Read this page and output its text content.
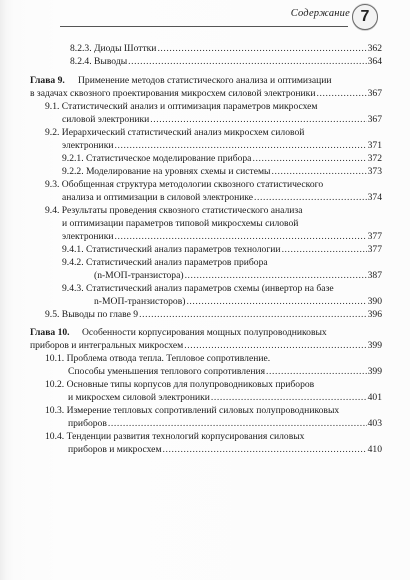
Содержание 7
8.2.3. Диоды Шоттки .....	362
8.2.4. Выводы .....	364
Глава 9. Применение методов статистического анализа и оптимизации
в задачах сквозного проектирования микросхем силовой электроники .....	367
9.1. Статистический анализ и оптимизация параметров микросхем
силовой электроники .....	367
9.2. Иерархический статистический анализ микросхем силовой
электроники .....	371
9.2.1. Статистическое моделирование прибора .....	372
9.2.2. Моделирование на уровнях схемы и системы .....	373
9.3. Обобщенная структура методологии сквозного статистического
анализа и оптимизации в силовой электронике .....	374
9.4. Результаты проведения сквозного статистического анализа
и оптимизации параметров типовой микросхемы силовой
электроники .....	377
9.4.1. Статистический анализ параметров технологии .....	377
9.4.2. Статистический анализ параметров прибора
(n-МОП-транзистора) .....	387
9.4.3. Статистический анализ параметров схемы (инвертор на базе
n-МОП-транзисторов) .....	390
9.5. Выводы по главе 9 .....	396
Глава 10. Особенности корпусирования мощных полупроводниковых
приборов и интегральных микросхем .....	399
10.1. Проблема отвода тепла. Тепловое сопротивление.
Способы уменьшения теплового сопротивления .....	399
10.2. Основные типы корпусов для полупроводниковых приборов
и микросхем силовой электроники .....	401
10.3. Измерение тепловых сопротивлений силовых полупроводниковых
приборов .....	403
10.4. Тенденции развития технологий корпусирования силовых
приборов и микросхем .....	410
